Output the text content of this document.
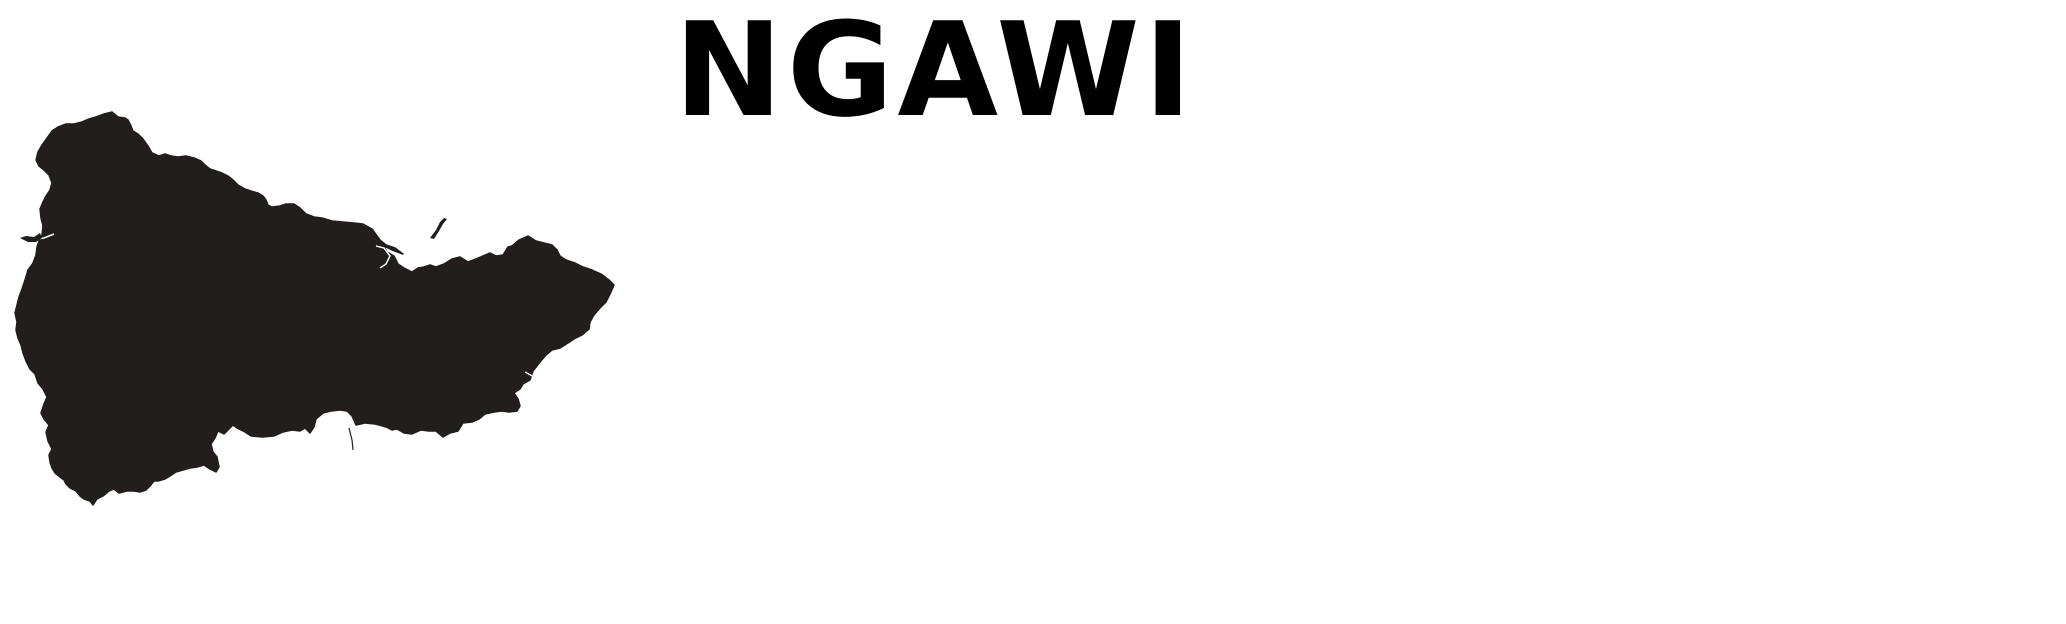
NGAWI
